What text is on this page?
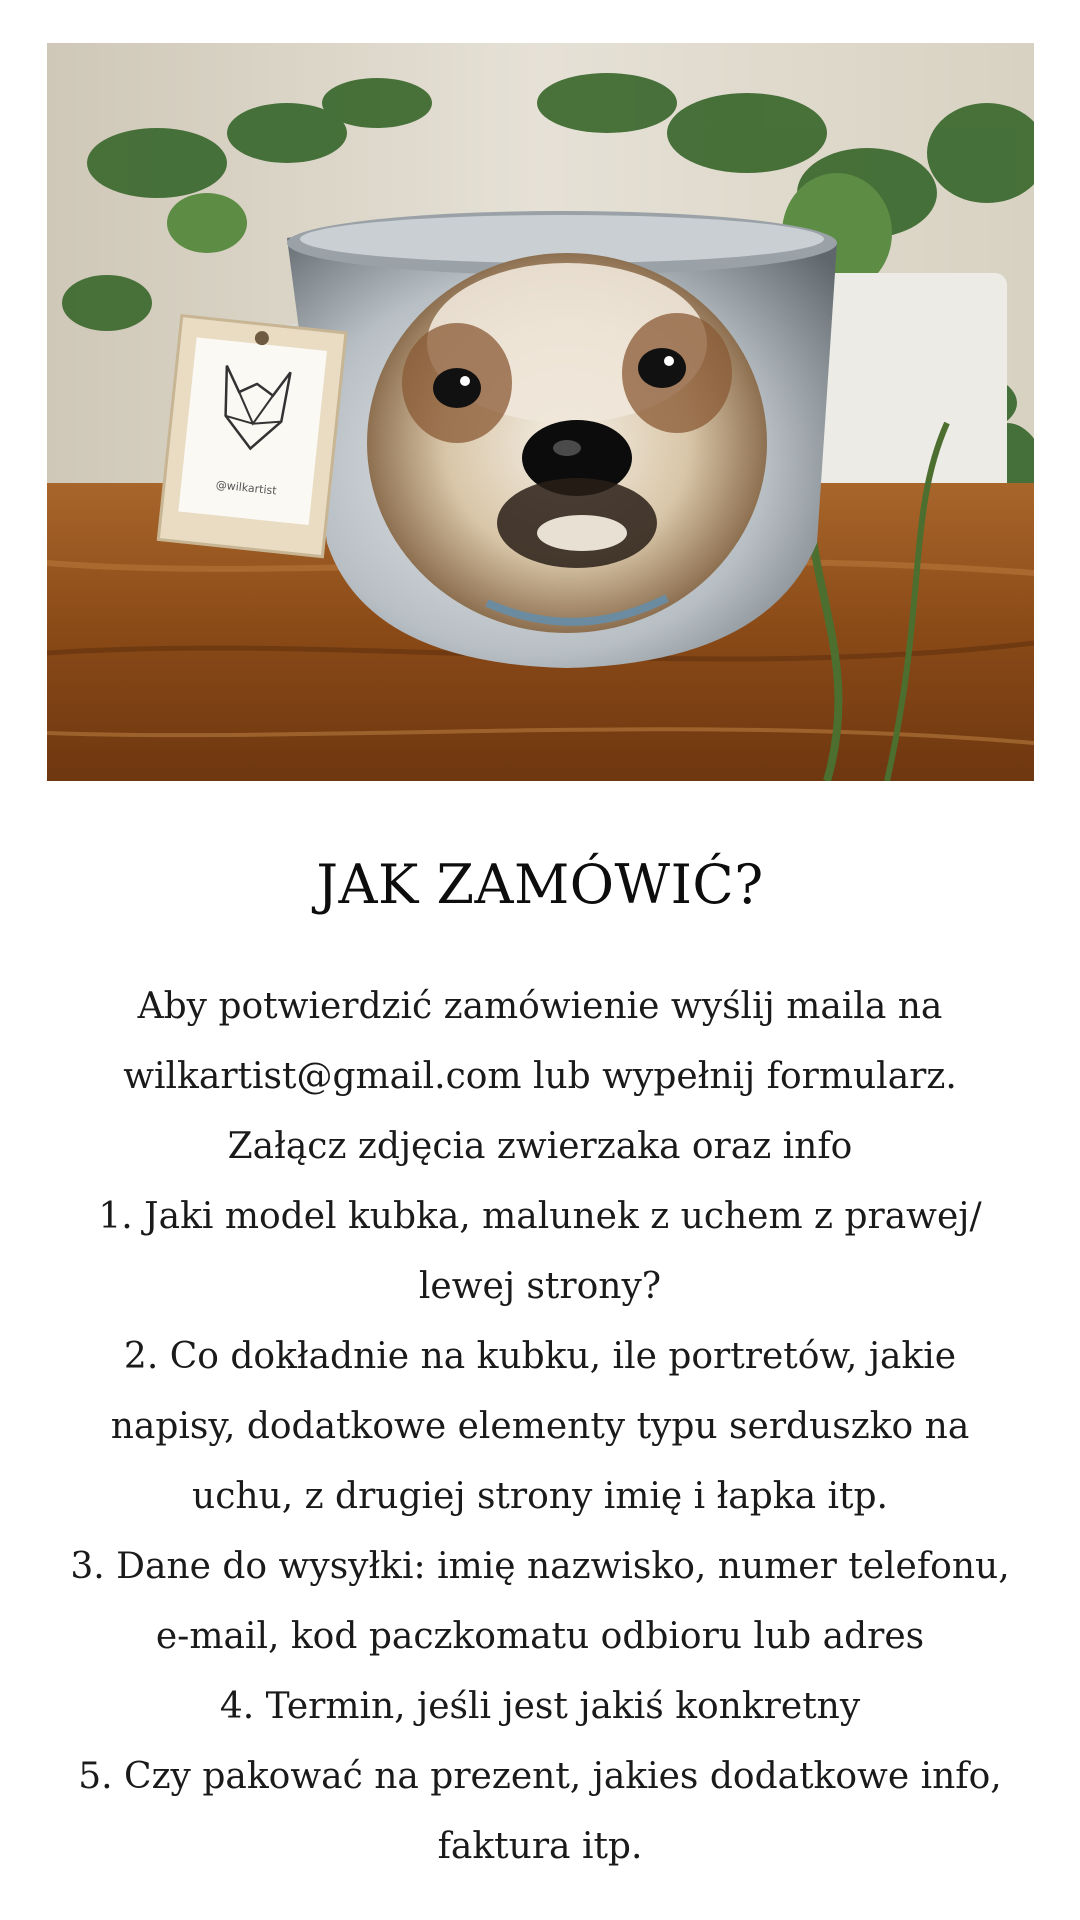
@wilkartist
JAK ZAMÓWIĆ?
Aby potwierdzić zamówienie wyślij maila na
wilkartist@gmail.com lub wypełnij formularz.
Załącz zdjęcia zwierzaka oraz info
1. Jaki model kubka, malunek z uchem z prawej/
lewej strony?
2. Co dokładnie na kubku, ile portretów, jakie
napisy, dodatkowe elementy typu serduszko na
uchu, z drugiej strony imię i łapka itp.
3. Dane do wysyłki: imię nazwisko, numer telefonu,
e-mail, kod paczkomatu odbioru lub adres
4. Termin, jeśli jest jakiś konkretny
5. Czy pakować na prezent, jakies dodatkowe info,
faktura itp.
